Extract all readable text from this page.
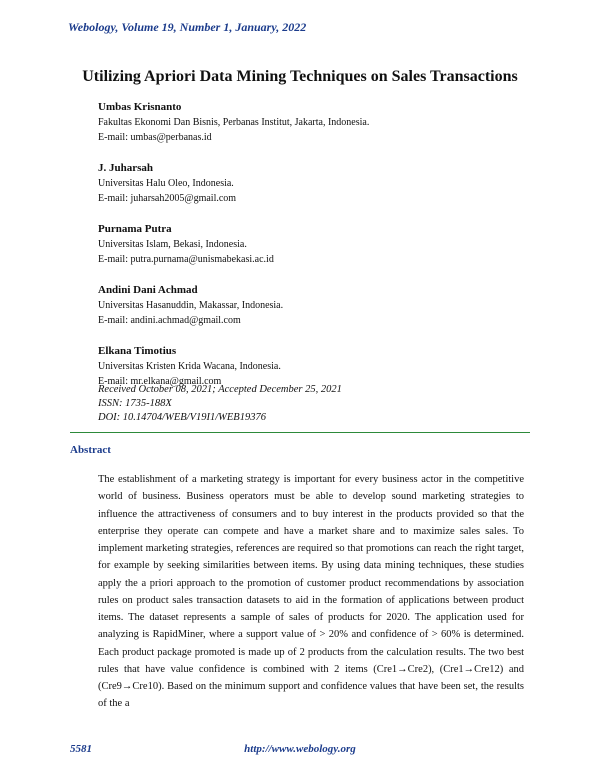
Webology, Volume 19, Number 1, January, 2022
Utilizing Apriori Data Mining Techniques on Sales Transactions
Umbas Krisnanto
Fakultas Ekonomi Dan Bisnis, Perbanas Institut, Jakarta, Indonesia.
E-mail: umbas@perbanas.id
J. Juharsah
Universitas Halu Oleo, Indonesia.
E-mail: juharsah2005@gmail.com
Purnama Putra
Universitas Islam, Bekasi, Indonesia.
E-mail: putra.purnama@unismabekasi.ac.id
Andini Dani Achmad
Universitas Hasanuddin, Makassar, Indonesia.
E-mail: andini.achmad@gmail.com
Elkana Timotius
Universitas Kristen Krida Wacana, Indonesia.
E-mail: mr.elkana@gmail.com
Received October 08, 2021; Accepted December 25, 2021
ISSN: 1735-188X
DOI: 10.14704/WEB/V19I1/WEB19376
Abstract
The establishment of a marketing strategy is important for every business actor in the competitive world of business. Business operators must be able to develop sound marketing strategies to influence the attractiveness of consumers and to buy interest in the products provided so that the enterprise they operate can compete and have a market share and to maximize sales sales. To implement marketing strategies, references are required so that promotions can reach the right target, for example by seeking similarities between items. By using data mining techniques, these studies apply the a priori approach to the promotion of customer product recommendations by association rules on product sales transaction datasets to aid in the formation of applications between product items. The dataset represents a sample of sales of products for 2020. The application used for analyzing is RapidMiner, where a support value of > 20% and confidence of > 60% is determined. Each product package promoted is made up of 2 products from the calculation results. The two best rules that have value confidence is combined with 2 items (Cre1→Cre2), (Cre1→Cre12) and (Cre9→Cre10). Based on the minimum support and confidence values that have been set, the results of the a
5581	http://www.webology.org
